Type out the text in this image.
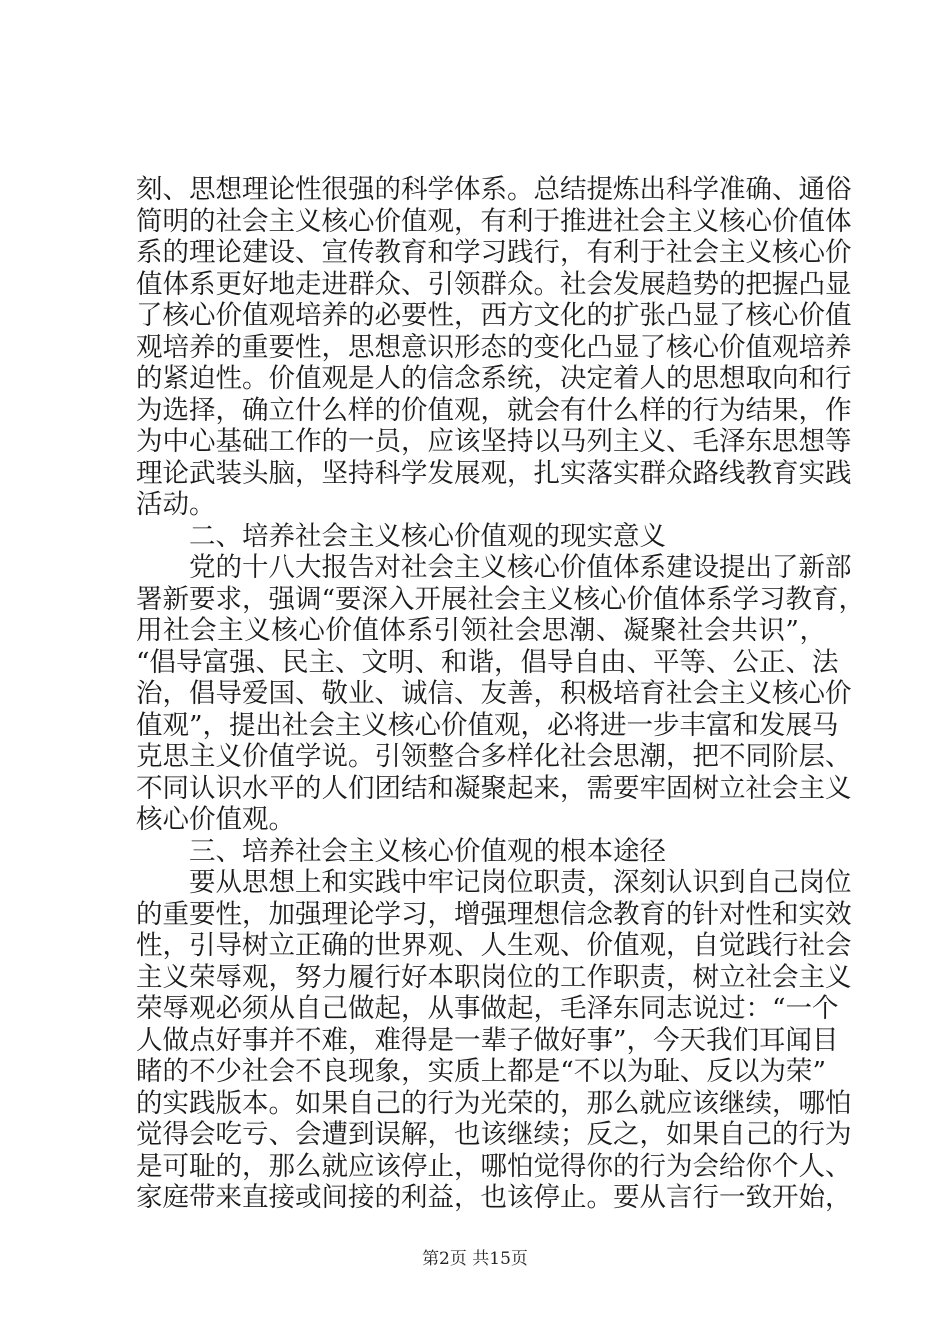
刻、思想理论性很强的科学体系。总结提炼出科学准确、通俗
简明的社会主义核心价值观，有利于推进社会主义核心价值体
系的理论建设、宣传教育和学习践行，有利于社会主义核心价
值体系更好地走进群众、引领群众。社会发展趋势的把握凸显
了核心价值观培养的必要性，西方文化的扩张凸显了核心价值
观培养的重要性，思想意识形态的变化凸显了核心价值观培养
的紧迫性。价值观是人的信念系统，决定着人的思想取向和行
为选择，确立什么样的价值观，就会有什么样的行为结果，作
为中心基础工作的一员，应该坚持以马列主义、毛泽东思想等
理论武装头脑，坚持科学发展观，扎实落实群众路线教育实践
活动。
二、培养社会主义核心价值观的现实意义
党的十八大报告对社会主义核心价值体系建设提出了新部
署新要求，强调“要深入开展社会主义核心价值体系学习教育，
用社会主义核心价值体系引领社会思潮、凝聚社会共识”，
“倡导富强、民主、文明、和谐，倡导自由、平等、公正、法
治，倡导爱国、敬业、诚信、友善，积极培育社会主义核心价
值观”，提出社会主义核心价值观，必将进一步丰富和发展马
克思主义价值学说。引领整合多样化社会思潮，把不同阶层、
不同认识水平的人们团结和凝聚起来，需要牢固树立社会主义
核心价值观。
三、培养社会主义核心价值观的根本途径
要从思想上和实践中牢记岗位职责，深刻认识到自己岗位
的重要性，加强理论学习，增强理想信念教育的针对性和实效
性，引导树立正确的世界观、人生观、价值观，自觉践行社会
主义荣辱观，努力履行好本职岗位的工作职责，树立社会主义
荣辱观必须从自己做起，从事做起，毛泽东同志说过：“一个
人做点好事并不难，难得是一辈子做好事”，今天我们耳闻目
睹的不少社会不良现象，实质上都是“不以为耻、反以为荣”
的实践版本。如果自己的行为光荣的，那么就应该继续，哪怕
觉得会吃亏、会遭到误解，也该继续；反之，如果自己的行为
是可耻的，那么就应该停止，哪怕觉得你的行为会给你个人、
家庭带来直接或间接的利益，也该停止。要从言行一致开始，
第2页 共15页
